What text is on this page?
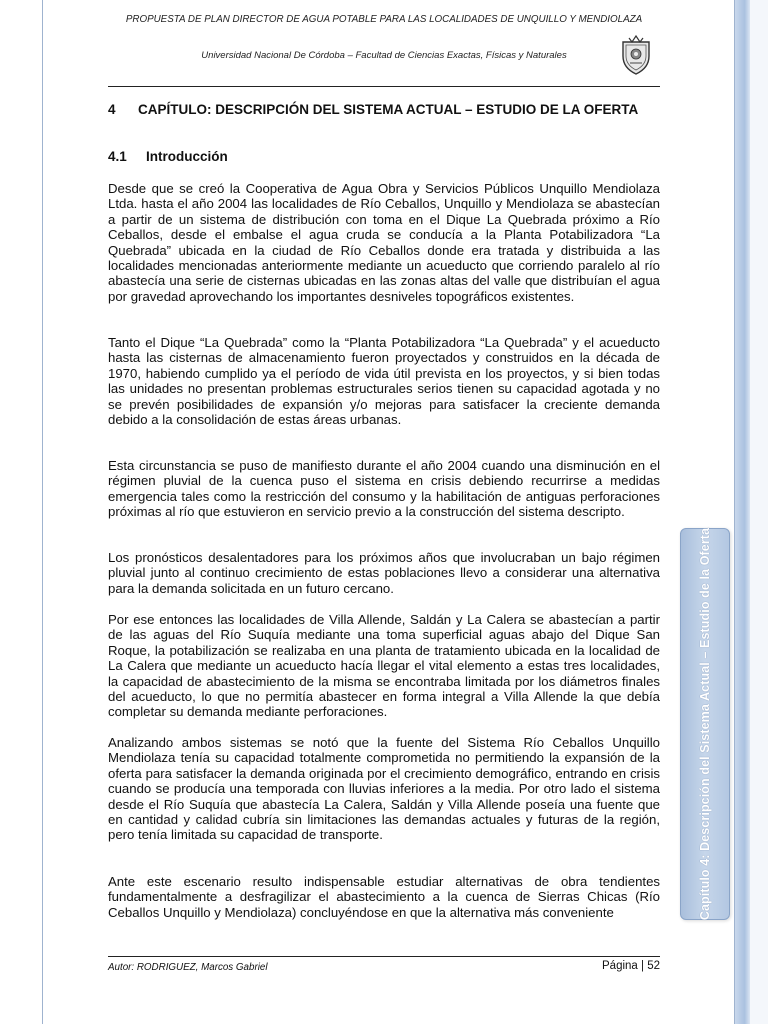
PROPUESTA DE PLAN DIRECTOR DE AGUA POTABLE PARA LAS LOCALIDADES DE UNQUILLO Y MENDIOLAZA
Universidad Nacional De Córdoba – Facultad de Ciencias Exactas, Físicas y Naturales
4 CAPÍTULO: DESCRIPCIÓN DEL SISTEMA ACTUAL – ESTUDIO DE LA OFERTA
4.1 Introducción

Desde que se creó la Cooperativa de Agua Obra y Servicios Públicos Unquillo Mendiolaza Ltda. hasta el año 2004 las localidades de Río Ceballos, Unquillo y Mendiolaza se abastecían a partir de un sistema de distribución con toma en el Dique La Quebrada próximo a Río Ceballos, desde el embalse el agua cruda se conducía a la Planta Potabilizadora “La Quebrada” ubicada en la ciudad de Río Ceballos donde era tratada y distribuida a las localidades mencionadas anteriormente mediante un acueducto que corriendo paralelo al río abastecía una serie de cisternas ubicadas en las zonas altas del valle que distribuían el agua por gravedad aprovechando los importantes desniveles topográficos existentes.

Tanto el Dique “La Quebrada” como la “Planta Potabilizadora “La Quebrada” y el acueducto hasta las cisternas de almacenamiento fueron proyectados y construidos en la década de 1970, habiendo cumplido ya el período de vida útil prevista en los proyectos, y si bien todas las unidades no presentan problemas estructurales serios tienen su capacidad agotada y no se prevén posibilidades de expansión y/o mejoras para satisfacer la creciente demanda debido a la consolidación de estas áreas urbanas.

Esta circunstancia se puso de manifiesto durante el año 2004 cuando una disminución en el régimen pluvial de la cuenca puso el sistema en crisis debiendo recurrirse a medidas emergencia tales como la restricción del consumo y la habilitación de antiguas perforaciones próximas al río que estuvieron en servicio previo a la construcción del sistema descripto.

Los pronósticos desalentadores para los próximos años que involucraban un bajo régimen pluvial junto al continuo crecimiento de estas poblaciones llevo a considerar una alternativa para la demanda solicitada en un futuro cercano.

Por ese entonces las localidades de Villa Allende, Saldán y La Calera se abastecían a partir de las aguas del Río Suquía mediante una toma superficial aguas abajo del Dique San Roque, la potabilización se realizaba en una planta de tratamiento ubicada en la localidad de La Calera que mediante un acueducto hacía llegar el vital elemento a estas tres localidades, la capacidad de abastecimiento de la misma se encontraba limitada por los diámetros finales del acueducto, lo que no permitía abastecer en forma integral a Villa Allende la que debía completar su demanda mediante perforaciones.

Analizando ambos sistemas se notó que la fuente del Sistema Río Ceballos Unquillo Mendiolaza tenía su capacidad totalmente comprometida no permitiendo la expansión de la oferta para satisfacer la demanda originada por el crecimiento demográfico, entrando en crisis cuando se producía una temporada con lluvias inferiores a la media. Por otro lado el sistema desde el Río Suquía que abastecía La Calera, Saldán y Villa Allende poseía una fuente que en cantidad y calidad cubría sin limitaciones las demandas actuales y futuras de la región, pero tenía limitada su capacidad de transporte.

Ante este escenario resulto indispensable estudiar alternativas de obra tendientes fundamentalmente a desfragilizar el abastecimiento a la cuenca de Sierras Chicas (Río Ceballos Unquillo y Mendiolaza) concluyéndose en que la alternativa más conveniente	Capítulo 4: Descripción del Sistema Actual – Estudio de la Oferta
Autor: RODRIGUEZ, Marcos Gabriel	Página | 52
